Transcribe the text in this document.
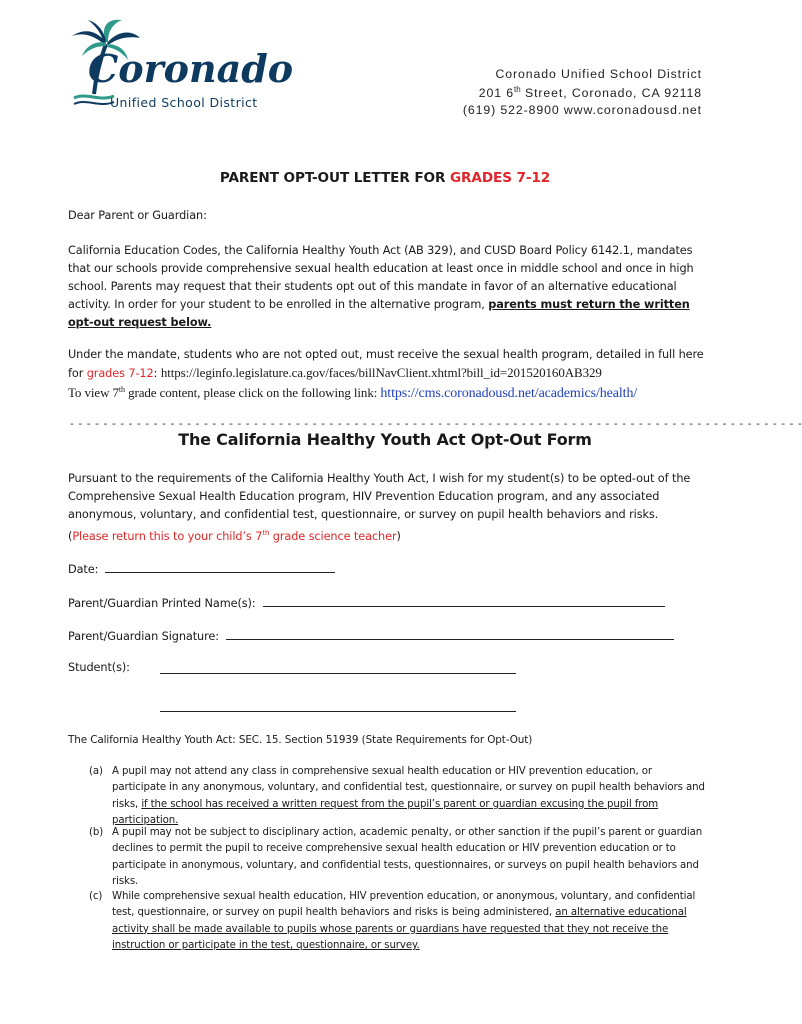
Coronado
Unified School District
Coronado Unified School District
201 6th Street, Coronado, CA 92118
(619) 522-8900 www.coronadousd.net
PARENT OPT-OUT LETTER FOR GRADES 7-12
Dear Parent or Guardian:
California Education Codes, the California Healthy Youth Act (AB 329), and CUSD Board Policy 6142.1, mandates that our schools provide comprehensive sexual health education at least once in middle school and once in high school. Parents may request that their students opt out of this mandate in favor of an alternative educational activity. In order for your student to be enrolled in the alternative program, parents must return the written opt-out request below.
Under the mandate, students who are not opted out, must receive the sexual health program, detailed in full here for grades 7-12: https://leginfo.legislature.ca.gov/faces/billNavClient.xhtml?bill_id=201520160AB329
To view 7th grade content, please click on the following link: https://cms.coronadousd.net/academics/health/
- - - - - - - - - - - - - - - - - - - - - - - - - - - - - - - - - - - - - - - - - - - - - - - - - - - - - - - - - - - - - - - - - - - - - - - - - - - - - - - - - - - - - - - -
The California Healthy Youth Act Opt-Out Form
Pursuant to the requirements of the California Healthy Youth Act, I wish for my student(s) to be opted-out of the Comprehensive Sexual Health Education program, HIV Prevention Education program, and any associated anonymous, voluntary, and confidential test, questionnaire, or survey on pupil health behaviors and risks.
(Please return this to your child’s 7th grade science teacher)
Date:
Parent/Guardian Printed Name(s):
Parent/Guardian Signature:
Student(s):
The California Healthy Youth Act: SEC. 15. Section 51939 (State Requirements for Opt-Out)
(a) A pupil may not attend any class in comprehensive sexual health education or HIV prevention education, or participate in any anonymous, voluntary, and confidential test, questionnaire, or survey on pupil health behaviors and risks, if the school has received a written request from the pupil’s parent or guardian excusing the pupil from participation.
(b) A pupil may not be subject to disciplinary action, academic penalty, or other sanction if the pupil’s parent or guardian declines to permit the pupil to receive comprehensive sexual health education or HIV prevention education or to participate in anonymous, voluntary, and confidential tests, questionnaires, or surveys on pupil health behaviors and risks.
(c) While comprehensive sexual health education, HIV prevention education, or anonymous, voluntary, and confidential test, questionnaire, or survey on pupil health behaviors and risks is being administered, an alternative educational activity shall be made available to pupils whose parents or guardians have requested that they not receive the instruction or participate in the test, questionnaire, or survey.
